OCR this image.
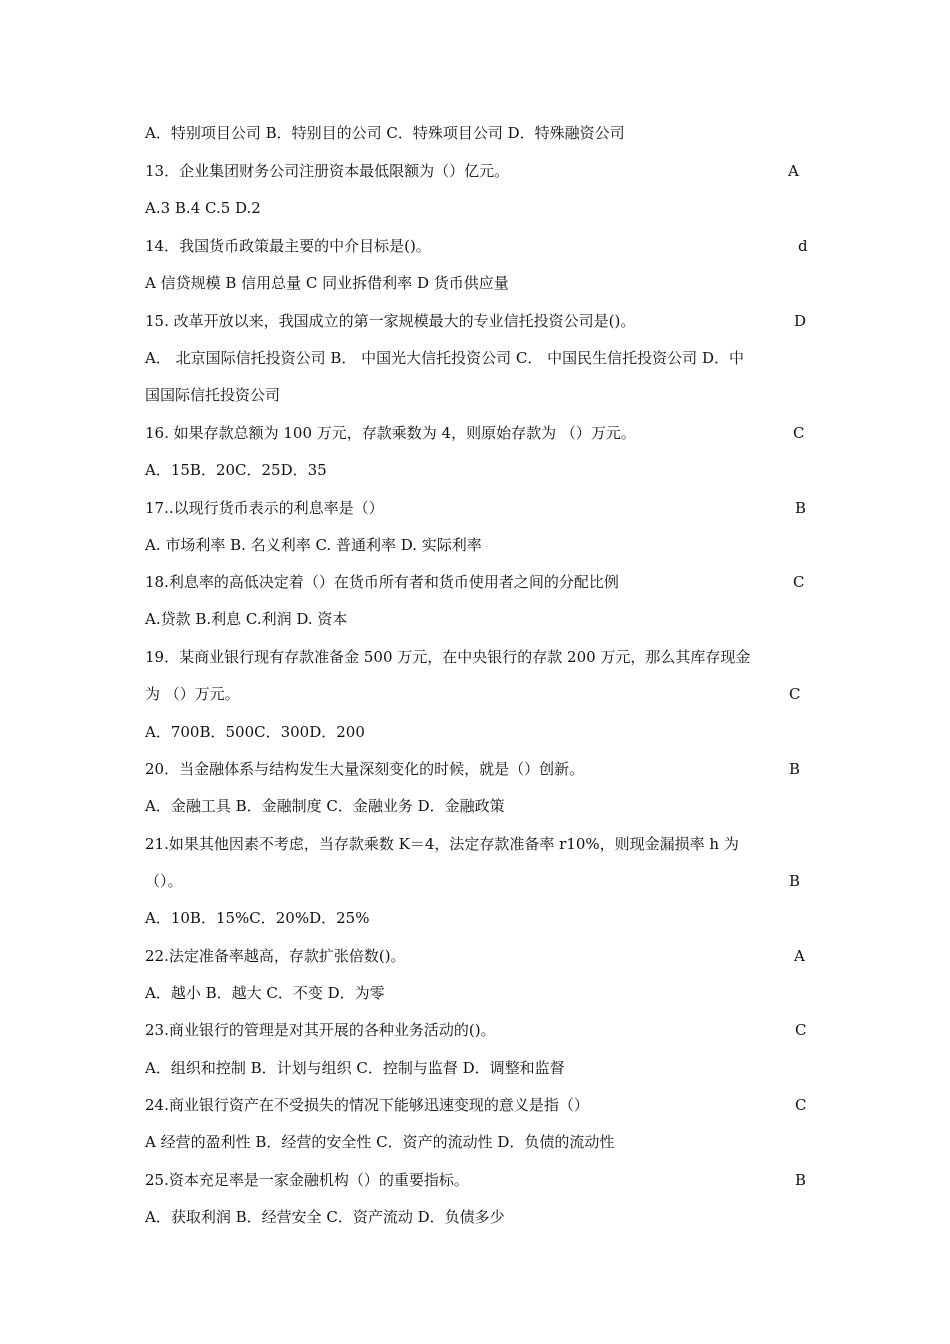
A．特别项目公司 B．特别目的公司 C．特殊项目公司 D．特殊融资公司
13．企业集团财务公司注册资本最低限额为（）亿元。	A
A.3 B.4 C.5 D.2
14．我国货币政策最主要的中介目标是()。	d
A 信贷规模 B 信用总量 C 同业拆借利率 D 货币供应量
15. 改革开放以来，我国成立的第一家规模最大的专业信托投资公司是()。	D
A． 北京国际信托投资公司 B． 中国光大信托投资公司 C． 中国民生信托投资公司 D．中
国国际信托投资公司
16. 如果存款总额为 100 万元，存款乘数为 4，则原始存款为 （）万元。	C
A．15B．20C．25D．35
17..以现行货币表示的利息率是（）	B
A. 市场利率 B. 名义利率 C. 普通利率 D. 实际利率
18.利息率的高低决定着（）在货币所有者和货币使用者之间的分配比例	C
A.贷款 B.利息 C.利润 D. 资本
19．某商业银行现有存款准备金 500 万元，在中央银行的存款 200 万元，那么其库存现金
为 （）万元。	C
A．700B．500C．300D．200
20．当金融体系与结构发生大量深刻变化的时候，就是（）创新。	B
A．金融工具 B．金融制度 C．金融业务 D．金融政策
21.如果其他因素不考虑，当存款乘数 K＝4，法定存款准备率 r10%，则现金漏损率 h 为
（）。	B
A．10B．15%C．20%D．25%
22.法定准备率越高，存款扩张倍数()。	A
A．越小 B．越大 C．不变 D．为零
23.商业银行的管理是对其开展的各种业务活动的()。	C
A．组织和控制 B．计划与组织 C．控制与监督 D．调整和监督
24.商业银行资产在不受损失的情况下能够迅速变现的意义是指（）	C
A 经营的盈利性 B．经营的安全性 C．资产的流动性 D．负债的流动性
25.资本充足率是一家金融机构（）的重要指标。	B
A．获取利润 B．经营安全 C．资产流动 D．负债多少
